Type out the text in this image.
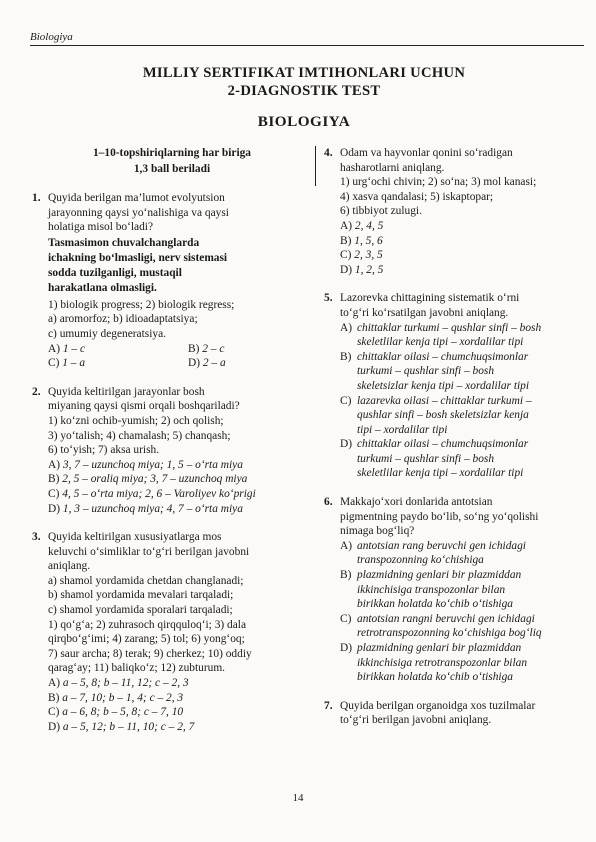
Biologiya
MILLIY SERTIFIKAT IMTIHONLARI UCHUN
2-DIAGNOSTIK TEST
BIOLOGIYA
1–10-topshiriqlarning har biriga
1,3 ball beriladi
1. Quyida berilgan ma’lumot evolyutsion
jarayonning qaysi yo‘nalishiga va qaysi
holatiga misol bo‘ladi?
Tasmasimon chuvalchanglarda
ichakning bo‘lmasligi, nerv sistemasi
sodda tuzilganligi, mustaqil
harakatlana olmasligi.
1) biologik progress; 2) biologik regress;
a) aromorfoz; b) idioadaptatsiya;
c) umumiy degeneratsiya.
A) 1 – c	B) 2 – c
C) 1 – a	D) 2 – a
2. Quyida keltirilgan jarayonlar bosh
miyaning qaysi qismi orqali boshqariladi?
1) ko‘zni ochib-yumish; 2) och qolish;
3) yo‘talish; 4) chamalash; 5) chanqash;
6) to‘yish; 7) aksa urish.
A) 3, 7 – uzunchoq miya; 1, 5 – o‘rta miya
B) 2, 5 – oraliq miya; 3, 7 – uzunchoq miya
C) 4, 5 – o‘rta miya; 2, 6 – Varoliyev ko‘prigi
D) 1, 3 – uzunchoq miya; 4, 7 – o‘rta miya
3. Quyida keltirilgan xususiyatlarga mos
keluvchi o‘simliklar to‘g‘ri berilgan javobni
aniqlang.
a) shamol yordamida chetdan changlanadi;
b) shamol yordamida mevalari tarqaladi;
c) shamol yordamida sporalari tarqaladi;
1) qo‘g‘a; 2) zuhrasoch qirqquloq‘i; 3) dala
qirqbo‘g‘imi; 4) zarang; 5) tol; 6) yong‘oq;
7) saur archa; 8) terak; 9) cherkez; 10) oddiy
qarag‘ay; 11) baliqko‘z; 12) zubturum.
A) a – 5, 8; b – 11, 12; c – 2, 3
B) a – 7, 10; b – 1, 4; c – 2, 3
C) a – 6, 8; b – 5, 8; c – 7, 10
D) a – 5, 12; b – 11, 10; c – 2, 7
4. Odam va hayvonlar qonini so‘radigan
hasharotlarni aniqlang.
1) urg‘ochi chivin; 2) so‘na; 3) mol kanasi;
4) xasva qandalasi; 5) iskaptopar;
6) tibbiyot zulugi.
A) 2, 4, 5
B) 1, 5, 6
C) 2, 3, 5
D) 1, 2, 5
5. Lazorevka chittagining sistematik o‘rni
to‘g‘ri ko‘rsatilgan javobni aniqlang.
A) chittaklar turkumi – qushlar sinfi – bosh
skeletlilar kenja tipi – xordalilar tipi
B) chittaklar oilasi – chumchuqsimonlar
turkumi – qushlar sinfi – bosh
skeletsizlar kenja tipi – xordalilar tipi
C) lazarevka oilasi – chittaklar turkumi –
qushlar sinfi – bosh skeletsizlar kenja
tipi – xordalilar tipi
D) chittaklar oilasi – chumchuqsimonlar
turkumi – qushlar sinfi – bosh
skeletlilar kenja tipi – xordalilar tipi
6. Makkajo‘xori donlarida antotsian
pigmentning paydo bo‘lib, so‘ng yo‘qolishi
nimaga bog‘liq?
A) antotsian rang beruvchi gen ichidagi
transpozonning ko‘chishiga
B) plazmidning genlari bir plazmiddan
ikkinchisiga transpozonlar bilan
birikkan holatda ko‘chib o‘tishiga
C) antotsian rangni beruvchi gen ichidagi
retrotranspozonning ko‘chishiga bog‘liq
D) plazmidning genlari bir plazmiddan
ikkinchisiga retrotranspozonlar bilan
birikkan holatda ko‘chib o‘tishiga
7. Quyida berilgan organoidga xos tuzilmalar
to‘g‘ri berilgan javobni aniqlang.
14
